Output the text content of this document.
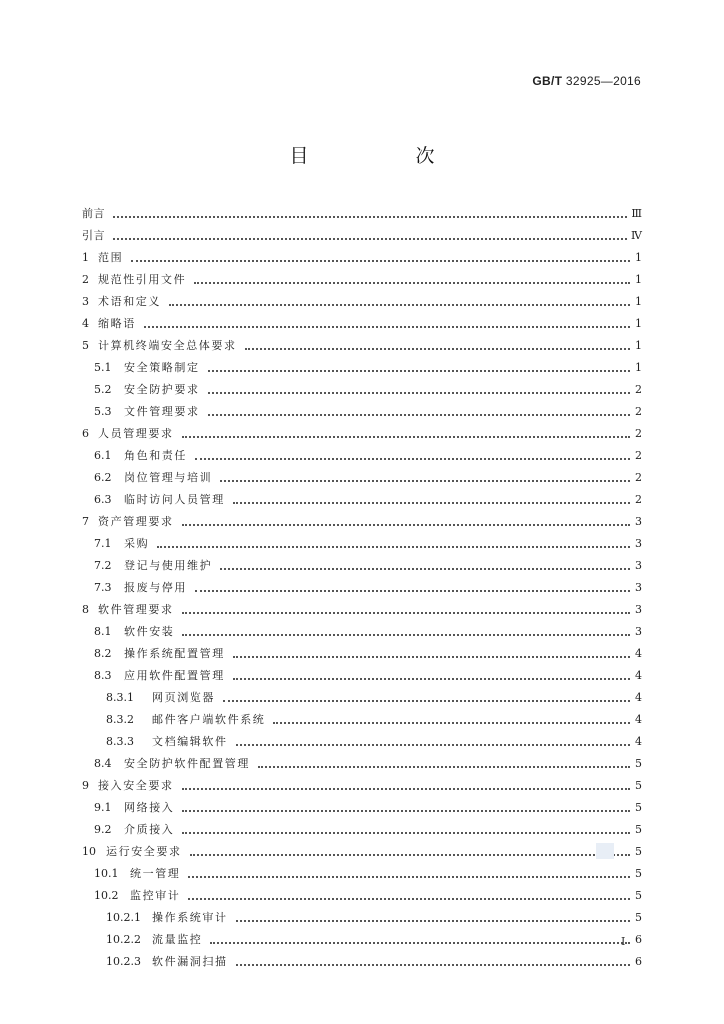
GB/T 32925—2016
目　次
前言	Ⅲ
引言	Ⅳ
1 范围	1
2 规范性引用文件	1
3 术语和定义	1
4 缩略语	1
5 计算机终端安全总体要求	1
5.1	安全策略制定	1
5.2	安全防护要求	2
5.3	文件管理要求	2
6 人员管理要求	2
6.1	角色和责任	2
6.2	岗位管理与培训	2
6.3	临时访问人员管理	2
7 资产管理要求	3
7.1	采购	3
7.2	登记与使用维护	3
7.3	报废与停用	3
8 软件管理要求	3
8.1	软件安装	3
8.2	操作系统配置管理	4
8.3	应用软件配置管理	4
8.3.1	网页浏览器	4
8.3.2	邮件客户端软件系统	4
8.3.3	文档编辑软件	4
8.4	安全防护软件配置管理	5
9 接入安全要求	5
9.1	网络接入	5
9.2	介质接入	5
10 运行安全要求	5
10.1	统一管理	5
10.2	监控审计	5
10.2.1	操作系统审计	5
10.2.2	流量监控	6
10.2.3	软件漏洞扫描	6
Ⅰ
